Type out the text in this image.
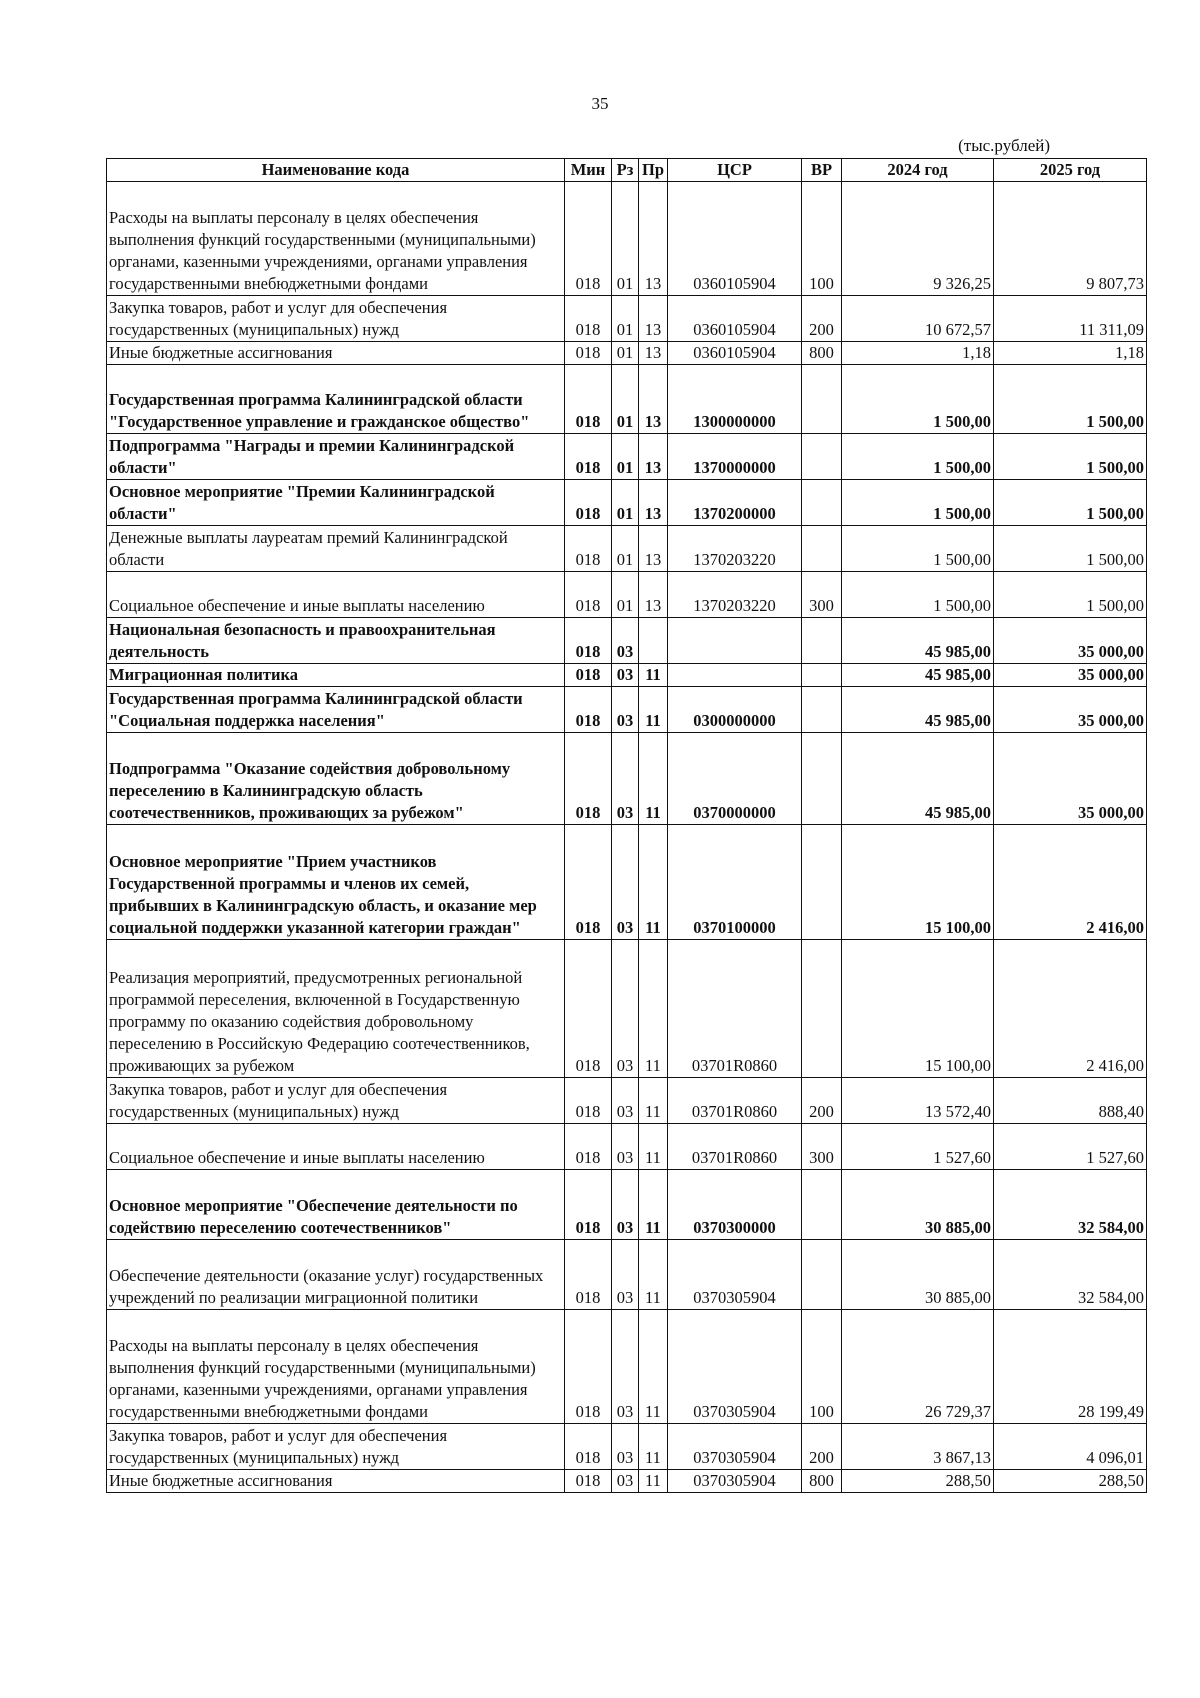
35
(тыс.рублей)
Наименование кода	Мин	Рз	Пр	ЦСР	ВР	2024 год	2025 год
Расходы на выплаты персоналу в целях обеспечения выполнения функций государственными (муниципальными) органами, казенными учреждениями, органами управления государственными внебюджетными фондами	018	01	13	0360105904	100	9 326,25	9 807,73
Закупка товаров, работ и услуг для обеспечения государственных (муниципальных) нужд	018	01	13	0360105904	200	10 672,57	11 311,09
Иные бюджетные ассигнования	018	01	13	0360105904	800	1,18	1,18
Государственная программа Калининградской области "Государственное управление и гражданское общество"	018	01	13	1300000000		1 500,00	1 500,00
Подпрограмма "Награды и премии Калининградской области"	018	01	13	1370000000		1 500,00	1 500,00
Основное мероприятие "Премии Калининградской области"	018	01	13	1370200000		1 500,00	1 500,00
Денежные выплаты лауреатам премий Калининградской области	018	01	13	1370203220		1 500,00	1 500,00
Социальное обеспечение и иные выплаты населению	018	01	13	1370203220	300	1 500,00	1 500,00
Национальная безопасность и правоохранительная деятельность	018	03				45 985,00	35 000,00
Миграционная политика	018	03	11			45 985,00	35 000,00
Государственная программа Калининградской области "Социальная поддержка населения"	018	03	11	0300000000		45 985,00	35 000,00
Подпрограмма "Оказание содействия добровольному переселению в Калининградскую область соотечественников, проживающих за рубежом"	018	03	11	0370000000		45 985,00	35 000,00
Основное мероприятие "Прием участников Государственной программы и членов их семей, прибывших в Калининградскую область, и оказание мер социальной поддержки указанной категории граждан"	018	03	11	0370100000		15 100,00	2 416,00
Реализация мероприятий, предусмотренных региональной программой переселения, включенной в Государственную программу по оказанию содействия добровольному переселению в Российскую Федерацию соотечественников, проживающих за рубежом	018	03	11	03701R0860		15 100,00	2 416,00
Закупка товаров, работ и услуг для обеспечения государственных (муниципальных) нужд	018	03	11	03701R0860	200	13 572,40	888,40
Социальное обеспечение и иные выплаты населению	018	03	11	03701R0860	300	1 527,60	1 527,60
Основное мероприятие "Обеспечение деятельности по содействию переселению соотечественников"	018	03	11	0370300000		30 885,00	32 584,00
Обеспечение деятельности (оказание услуг) государственных учреждений по реализации миграционной политики	018	03	11	0370305904		30 885,00	32 584,00
Расходы на выплаты персоналу в целях обеспечения выполнения функций государственными (муниципальными) органами, казенными учреждениями, органами управления государственными внебюджетными фондами	018	03	11	0370305904	100	26 729,37	28 199,49
Закупка товаров, работ и услуг для обеспечения государственных (муниципальных) нужд	018	03	11	0370305904	200	3 867,13	4 096,01
Иные бюджетные ассигнования	018	03	11	0370305904	800	288,50	288,50
